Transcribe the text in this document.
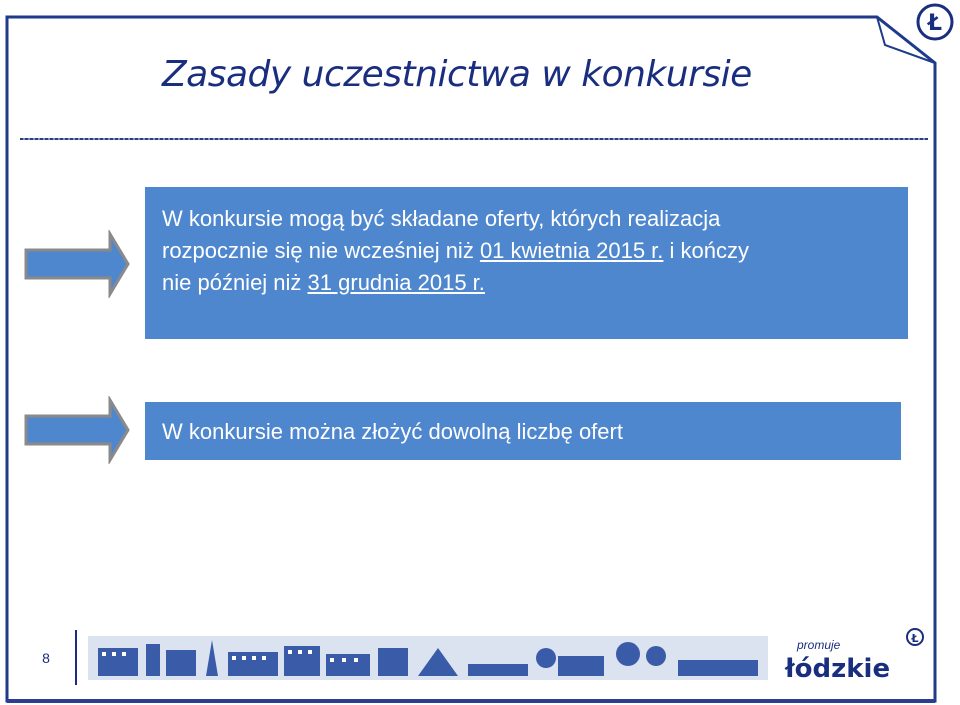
Ł
Zasady uczestnictwa w konkursie
W konkursie mogą być składane oferty, których realizacja
rozpocznie się nie wcześniej niż 01 kwietnia 2015 r. i kończy
nie później niż 31 grudnia 2015 r.
W konkursie można złożyć dowolną liczbę ofert
8
Ł
promuje
łódzkie
